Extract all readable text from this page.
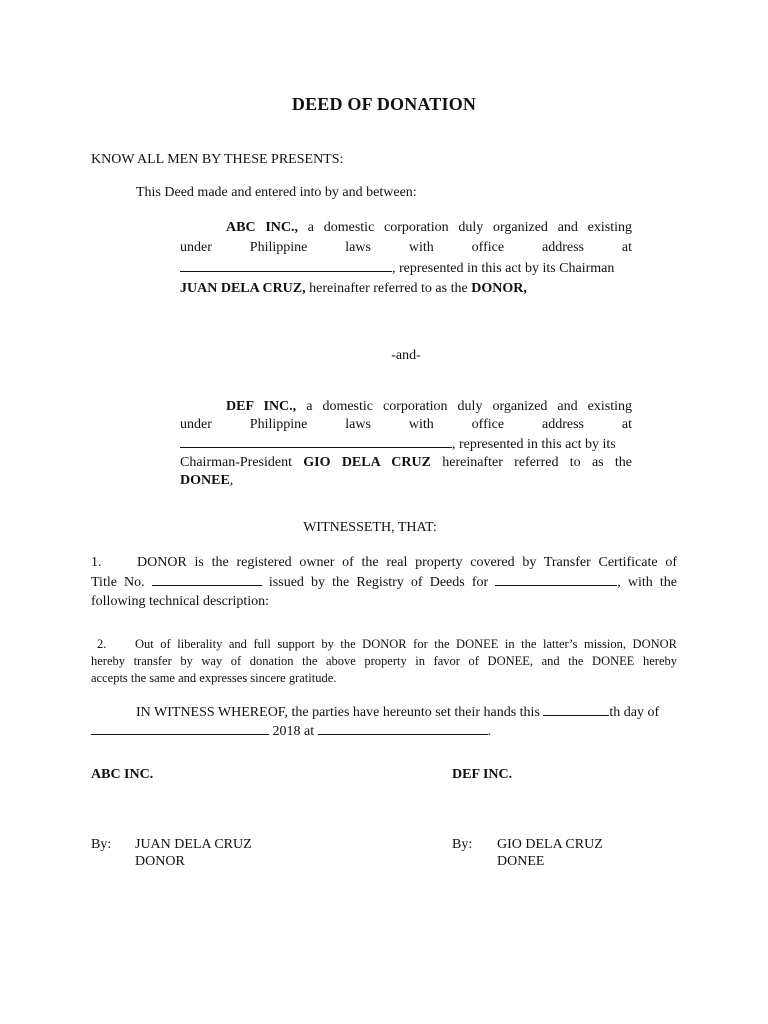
DEED OF DONATION

KNOW ALL MEN BY THESE PRESENTS:

This Deed made and entered into by and between:

ABC INC., a domestic corporation duly organized and existing
under Philippine laws with office address at
, represented in this act by its Chairman
JUAN DELA CRUZ, hereinafter referred to as the DONOR,

-and-

DEF INC., a domestic corporation duly organized and existing
under Philippine laws with office address at
, represented in this act by its
Chairman-President GIO DELA CRUZ hereinafter referred to as the
DONEE,

WITNESSETH, THAT:

1.	DONOR is the registered owner of the real property covered by Transfer Certificate of
Title No.	issued by the Registry of Deeds for	, with the
following technical description:
2. Out of liberality and full support by the DONOR for the DONEE in the latter’s mission, DONOR
hereby transfer by way of donation the above property in favor of DONEE, and the DONEE hereby
accepts the same and expresses sincere gratitude.
IN WITNESS WHEREOF, the parties have hereunto set their hands this	th day of
2018 at	.
ABC INC.	DEF INC.
By: JUAN DELA CRUZ
DONOR
By: GIO DELA CRUZ
DONEE
